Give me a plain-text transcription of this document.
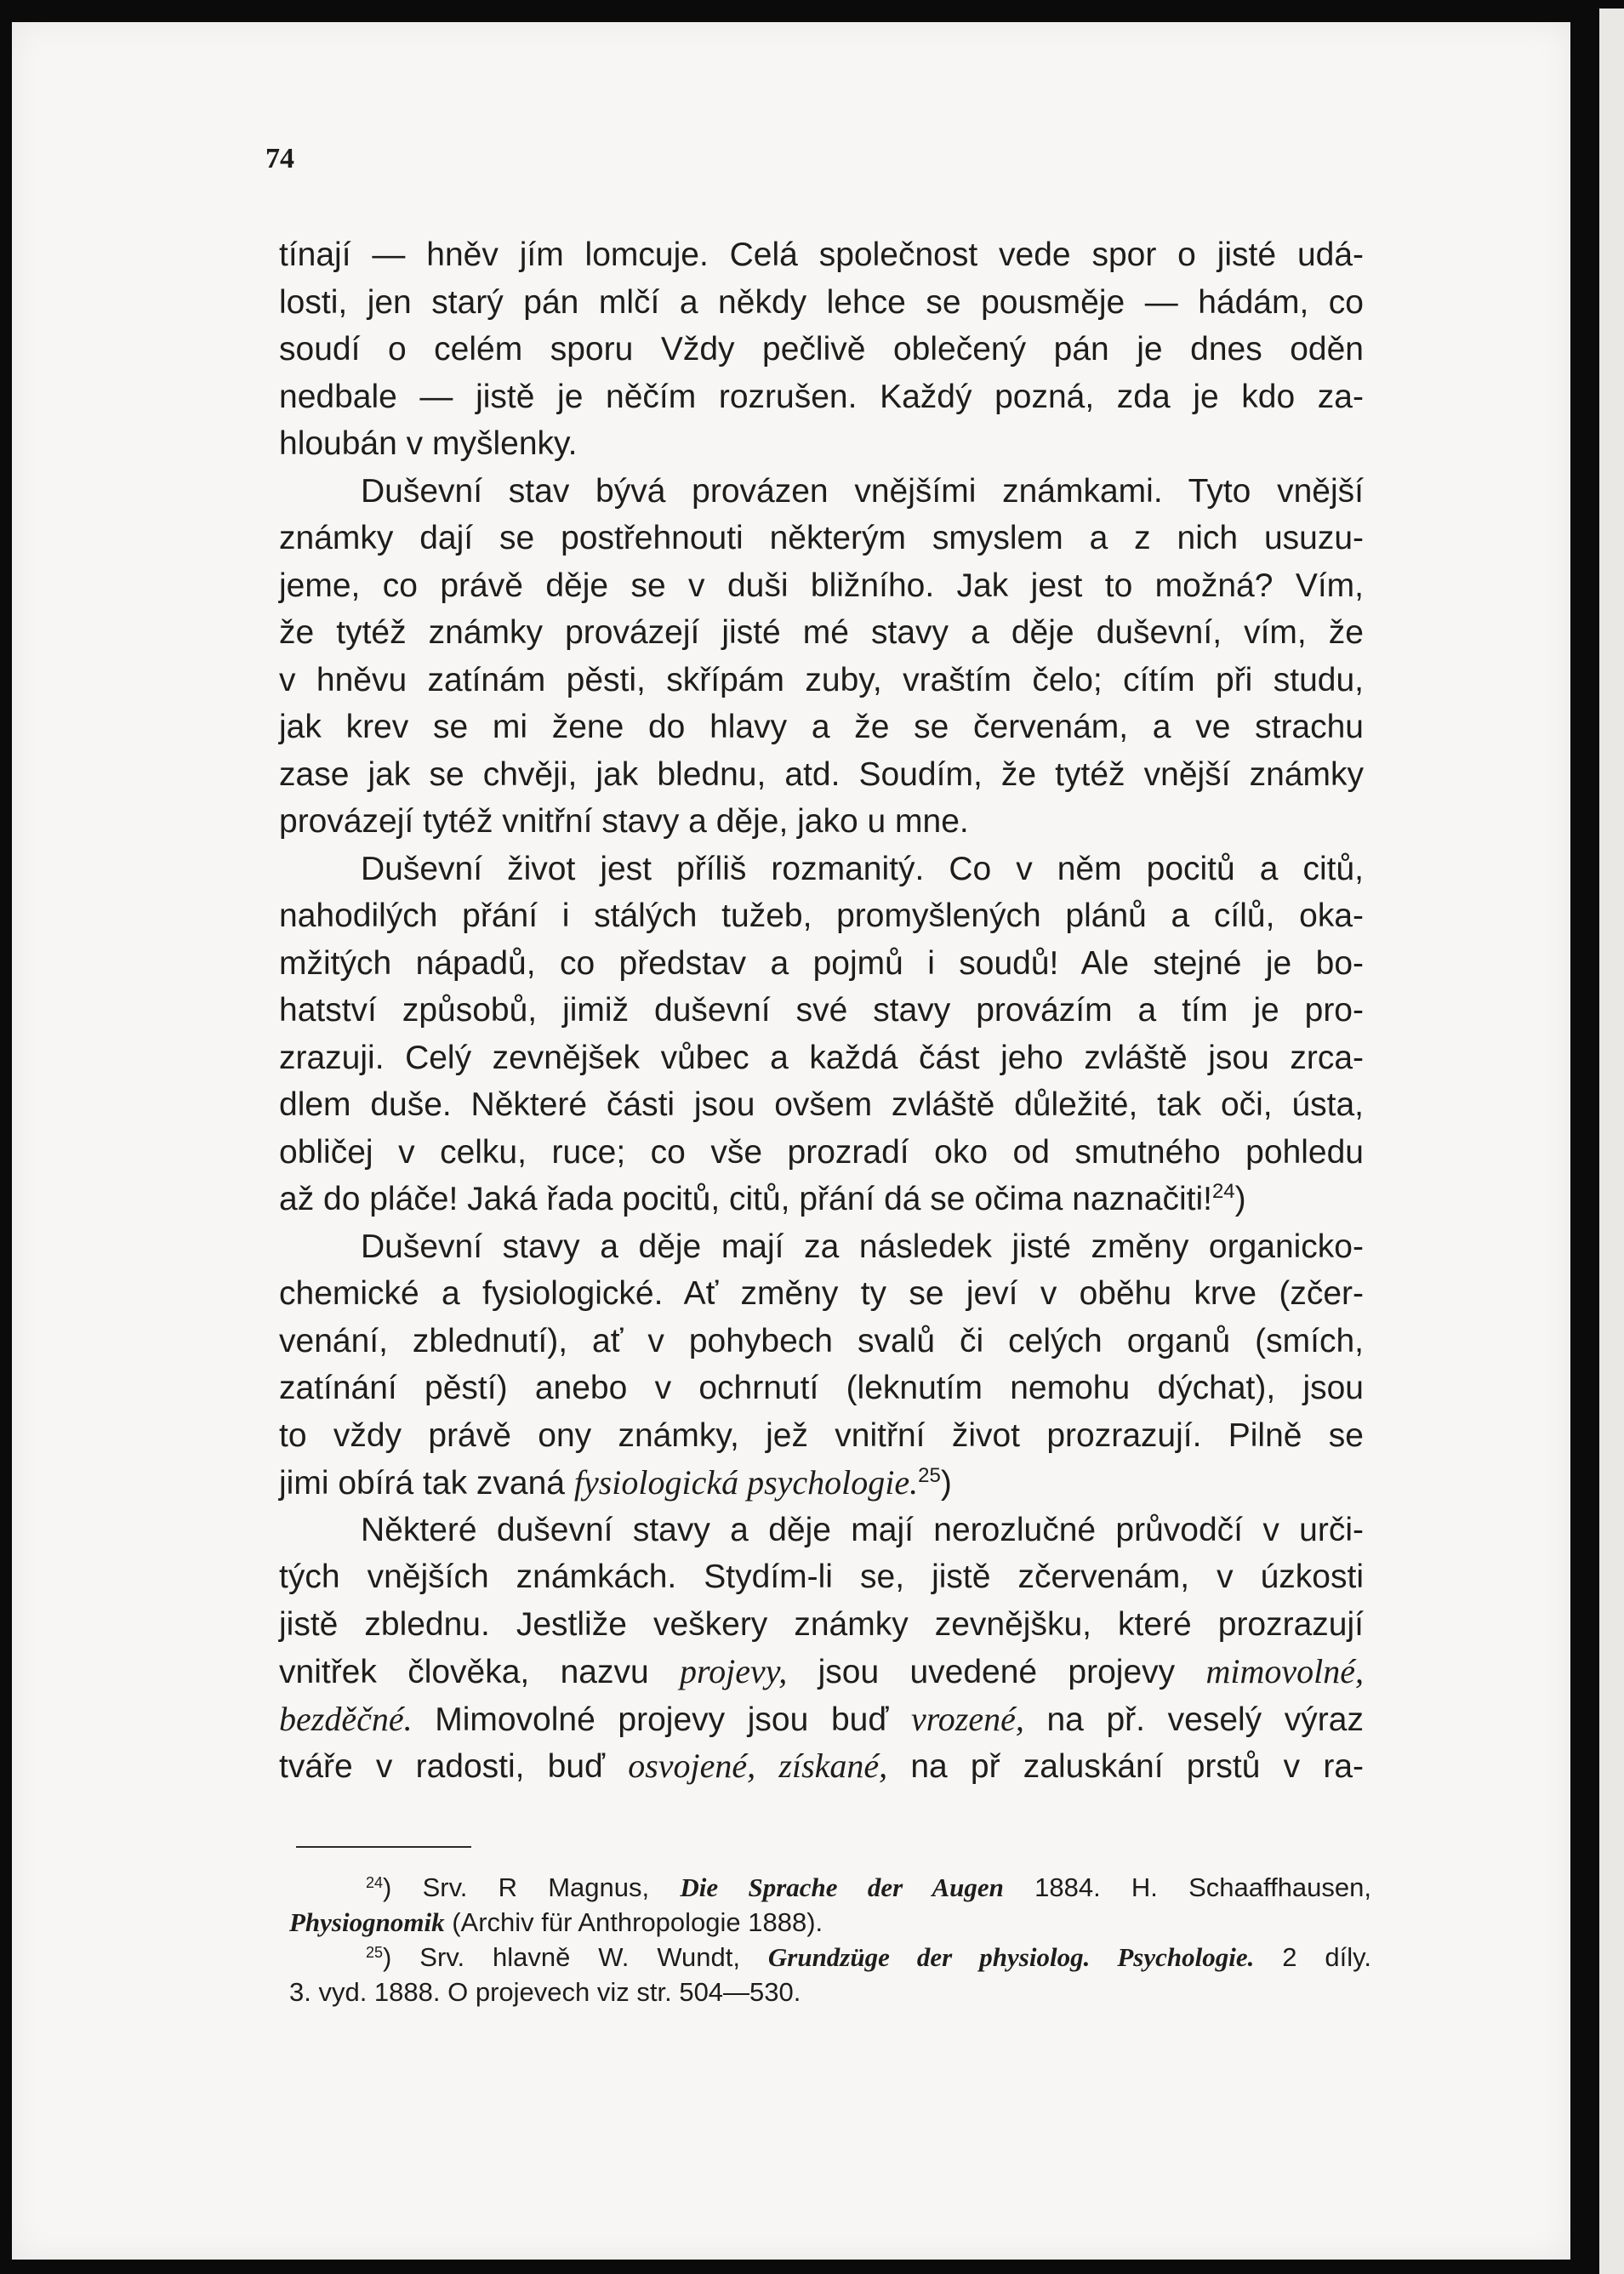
74
tínají — hněv jím lomcuje. Celá společnost vede spor o jisté udá-
losti, jen starý pán mlčí a někdy lehce se pousměje — hádám, co
soudí o celém sporu Vždy pečlivě oblečený pán je dnes oděn
nedbale — jistě je něčím rozrušen. Každý pozná, zda je kdo za-
hloubán v myšlenky.
Duševní stav bývá provázen vnějšími známkami. Tyto vnější
známky dají se postřehnouti některým smyslem a z nich usuzu-
jeme, co právě děje se v duši bližního. Jak jest to možná? Vím,
že tytéž známky provázejí jisté mé stavy a děje duševní, vím, že
v hněvu zatínám pěsti, skřípám zuby, vraštím čelo; cítím při studu,
jak krev se mi žene do hlavy a že se červenám, a ve strachu
zase jak se chvěji, jak blednu, atd. Soudím, že tytéž vnější známky
provázejí tytéž vnitřní stavy a děje, jako u mne.
Duševní život jest příliš rozmanitý. Co v něm pocitů a citů,
nahodilých přání i stálých tužeb, promyšlených plánů a cílů, oka-
mžitých nápadů, co představ a pojmů i soudů! Ale stejné je bo-
hatství způsobů, jimiž duševní své stavy provázím a tím je pro-
zrazuji. Celý zevnějšek vůbec a každá část jeho zvláště jsou zrca-
dlem duše. Některé části jsou ovšem zvláště důležité, tak oči, ústa,
obličej v celku, ruce; co vše prozradí oko od smutného pohledu
až do pláče! Jaká řada pocitů, citů, přání dá se očima naznačiti!$^{24}$)
Duševní stavy a děje mají za následek jisté změny organicko-
chemické a fysiologické. Ať změny ty se jeví v oběhu krve (zčer-
venání, zblednutí), ať v pohybech svalů či celých organů (smích,
zatínání pěstí) anebo v ochrnutí (leknutím nemohu dýchat), jsou
to vždy právě ony známky, jež vnitřní život prozrazují. Pilně se
jimi obírá tak zvaná fysiologická psychologie.$^{25}$)
Některé duševní stavy a děje mají nerozlučné průvodčí v urči-
tých vnějších známkách. Stydím-li se, jistě zčervenám, v úzkosti
jistě zblednu. Jestliže veškery známky zevnějšku, které prozrazují
vnitřek člověka, nazvu projevy, jsou uvedené projevy mimovolné,
bezděčné. Mimovolné projevy jsou buď vrozené, na př. veselý výraz
tváře v radosti, buď osvojené, získané, na př zaluskání prstů v ra-
$^{24}$) Srv. R Magnus, Die Sprache der Augen 1884. H. Schaaffhausen,
Physiognomik (Archiv für Anthropologie 1888).
$^{25}$) Srv. hlavně W. Wundt, Grundzüge der physiolog. Psychologie. 2 díly.
3. vyd. 1888. O projevech viz str. 504—530.
